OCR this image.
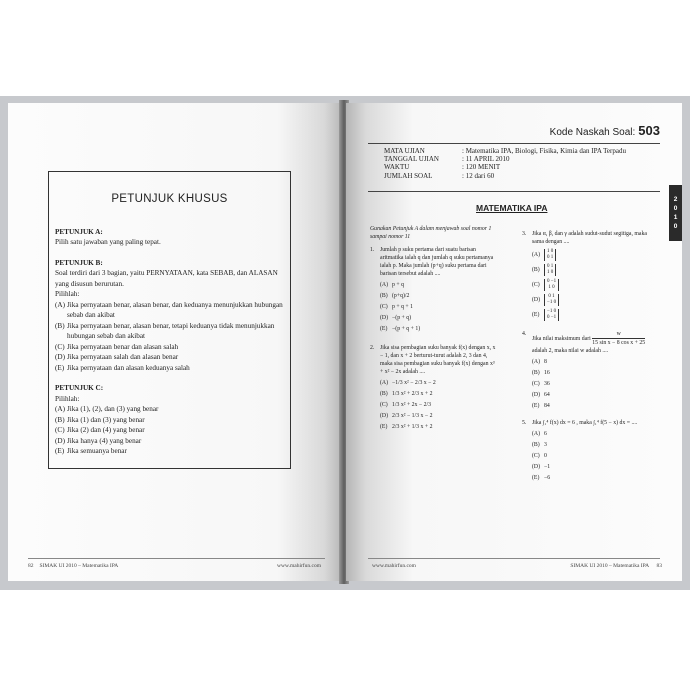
PETUNJUK KHUSUS
PETUNJUK A:
Pilih satu jawaban yang paling tepat.
PETUNJUK B:
Soal terdiri dari 3 bagian, yaitu PERNYATAAN, kata SEBAB, dan ALASAN
yang disusun berurutan.
Pilihlah:
(A) Jika pernyataan benar, alasan benar, dan keduanya menunjukkan hubungan sebab dan akibat
(B) Jika pernyataan benar, alasan benar, tetapi keduanya tidak menunjukkan hubungan sebab dan akibat
(C) Jika pernyataan benar dan alasan salah
(D) Jika pernyataan salah dan alasan benar
(E) Jika pernyataan dan alasan keduanya salah
PETUNJUK C:
Pilihlah:
(A) Jika (1), (2), dan (3) yang benar
(B) Jika (1) dan (3) yang benar
(C) Jika (2) dan (4) yang benar
(D) Jika hanya (4) yang benar
(E) Jika semuanya benar
82 SIMAK UI 2010 – Matematika IPA	www.mahirfun.com
Kode Naskah Soal: 503
MATA UJIAN	: Matematika IPA, Biologi, Fisika, Kimia dan IPA Terpadu
TANGGAL UJIAN	: 11 APRIL 2010
WAKTU	: 120 MENIT
JUMLAH SOAL	: 12 dari 60
2
0
1
0
MATEMATIKA IPA
Gunakan Petunjuk A dalam menjawab soal nomor 1 sampai nomor 11
1. Jumlah p suku pertama dari suatu barisan aritmatika ialah q dan jumlah q suku pertamanya ialah p. Maka jumlah (p+q) suku pertama dari barisan tersebut adalah ....
(A) p + q
(B) (p+q)/2
(C) p + q + 1
(D) −(p + q)
(E) −(p + q + 1)
2. Jika sisa pembagian suku banyak f(x) dengan x, x − 1, dan x + 2 berturut-turut adalah 2, 3 dan 4, maka sisa pembagian suku banyak f(x) dengan x³ + x² − 2x adalah ....
(A) −1/3 x² − 2/3 x − 2
(B) 1/3 x² + 2/3 x + 2
(C) 1/3 x² + 2x − 2/3
(D) 2/3 x² − 1/3 x − 2
(E) 2/3 x² + 1/3 x + 2
3. Jika α, β, dan γ adalah sudut-sudut segitiga, maka
sama dengan ....
(A)
1 0
0 1
(B)
0 1
1 0
(C)
0 −1
1 0
(D)
0 1
−1 0
(E)
−1 0
0 −1
4.
Jika nilai maksimum dari $\frac{w}{\text{15 sin x − 8 cos x + 25}}$
adalah 2, maka nilai w adalah ....
(A) 8
(B) 16
(C) 36
(D) 64
(E) 84
5. Jika ∫₁⁴ f(x) dx = 6 , maka ∫₁⁴ f(5 − x) dx = ....
(A) 6
(B) 3
(C) 0
(D) −1
(E) −6
www.mahirfun.com	SIMAK UI 2010 – Matematika IPA 83
